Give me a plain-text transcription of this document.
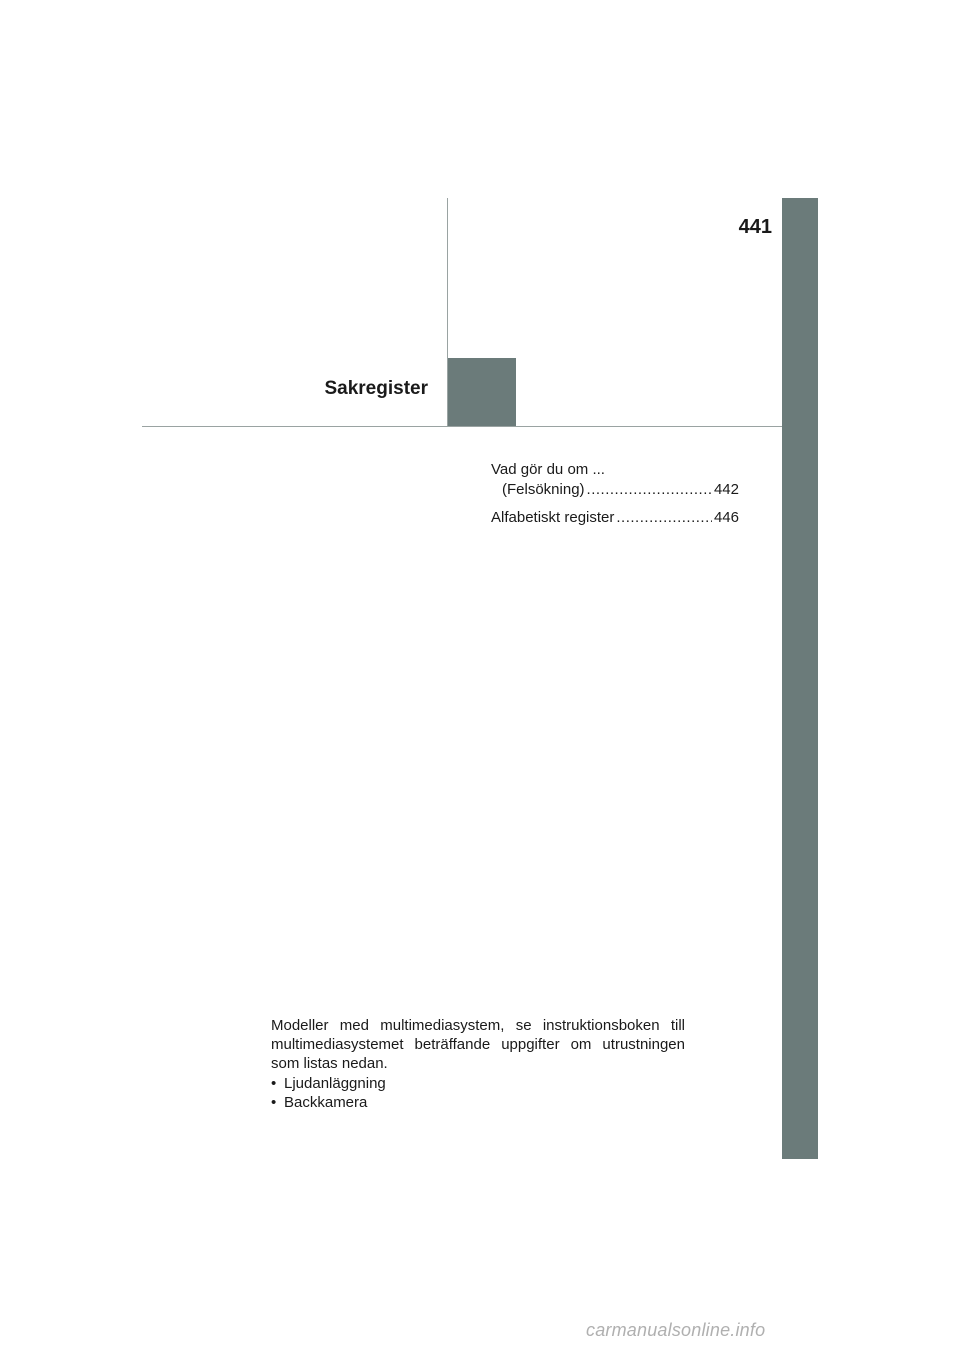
441
Sakregister
Vad gör du om ...
(Felsökning) .....	442
Alfabetiskt register .....	446
Modeller med multimediasystem, se instruktionsboken till multimediasystemet beträffande uppgifter om utrustningen som listas nedan.
• Ljudanläggning
• Backkamera
carmanualsonline.info
